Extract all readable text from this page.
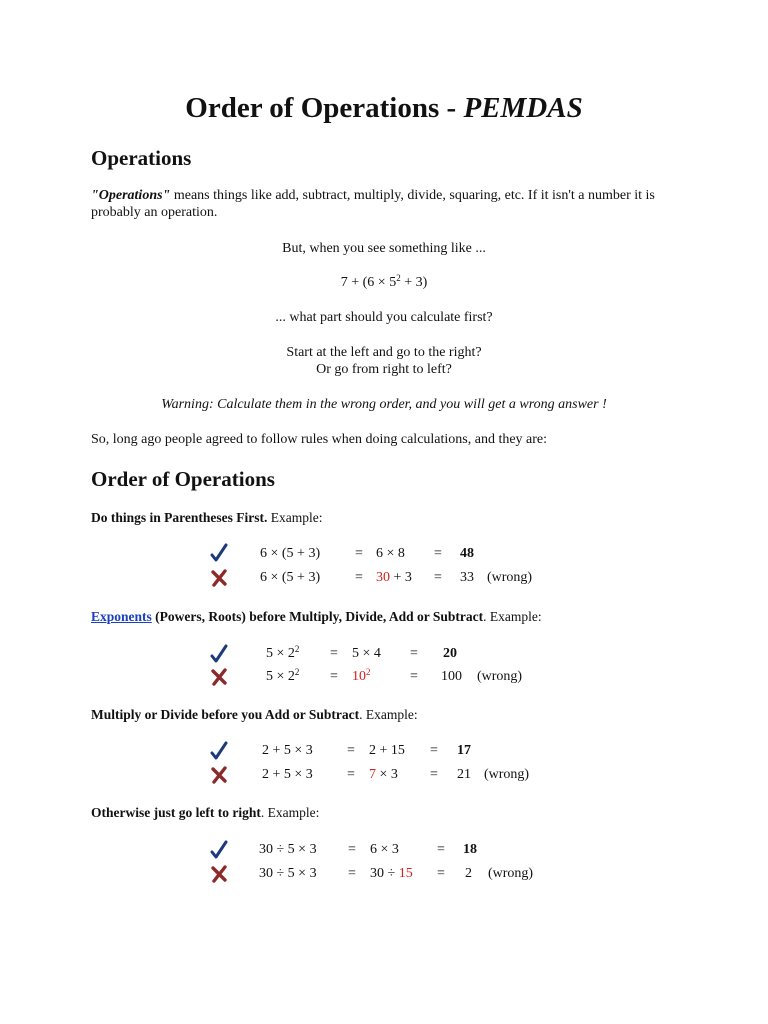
Order of Operations - PEMDAS
Operations

"Operations" means things like add, subtract, multiply, divide, squaring, etc. If it isn't a number it is probably an operation.

But, when you see something like ...

$7 + (6 \times 5^2 + 3)$

... what part should you calculate first?

Start at the left and go to the right?

Or go from right to left?

Warning: Calculate them in the wrong order, and you will get a wrong answer !

So, long ago people agreed to follow rules when doing calculations, and they are:

Order of Operations

Do things in Parentheses First. Example:

6 × (5 + 3) = 6 × 8 = 48
6 × (5 + 3) = 30 + 3 = 33 (wrong)

Exponents (Powers, Roots) before Multiply, Divide, Add or Subtract. Example:

$5 \times 2^2 = 5 \times 4 = 20$
$5 \times 2^2 = 10^2$	= 100 (wrong)

Multiply or Divide before you Add or Subtract. Example:

2 + 5 × 3 = 2 + 15 = 17
2 + 5 × 3 = 7 × 3 = 21 (wrong)

Otherwise just go left to right. Example:

30 ÷ 5 × 3 = 6 × 3	= 18
30 ÷ 5 × 3 = 30 ÷ 15 = 2 (wrong)
